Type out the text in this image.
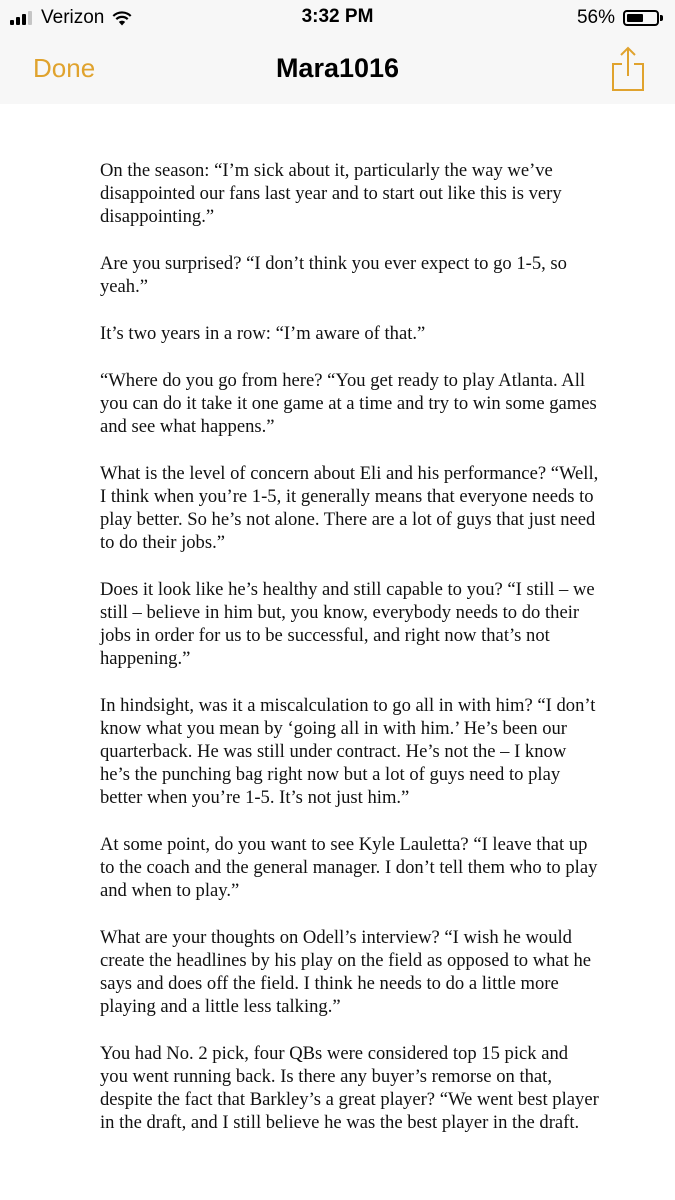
Verizon	3:32 PM	56%
Done	Mara1016

On the season: “I’m sick about it, particularly the way we’ve disappointed our fans last year and to start out like this is very disappointing.”

Are you surprised? “I don’t think you ever expect to go 1-5, so yeah.”

It’s two years in a row: “I’m aware of that.”

“Where do you go from here? “You get ready to play Atlanta. All you can do it take it one game at a time and try to win some games and see what happens.”

What is the level of concern about Eli and his performance? “Well, I think when you’re 1-5, it generally means that everyone needs to play better. So he’s not alone. There are a lot of guys that just need to do their jobs.”

Does it look like he’s healthy and still capable to you? “I still – we still – believe in him but, you know, everybody needs to do their jobs in order for us to be successful, and right now that’s not happening.”

In hindsight, was it a miscalculation to go all in with him? “I don’t know what you mean by ‘going all in with him.’ He’s been our quarterback. He was still under contract. He’s not the – I know he’s the punching bag right now but a lot of guys need to play better when you’re 1-5. It’s not just him.”

At some point, do you want to see Kyle Lauletta? “I leave that up to the coach and the general manager. I don’t tell them who to play and when to play.”

What are your thoughts on Odell’s interview? “I wish he would create the headlines by his play on the field as opposed to what he says and does off the field. I think he needs to do a little more playing and a little less talking.”

You had No. 2 pick, four QBs were considered top 15 pick and you went running back. Is there any buyer’s remorse on that, despite the fact that Barkley’s a great player? “We went best player in the draft, and I still believe he was the best player in the draft.
